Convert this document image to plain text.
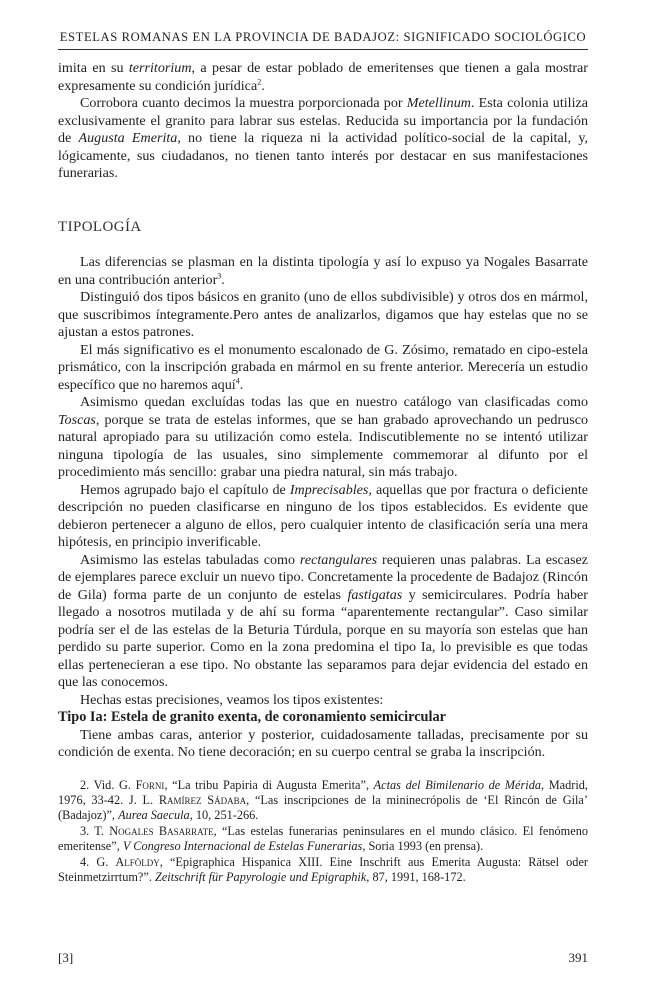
ESTELAS ROMANAS EN LA PROVINCIA DE BADAJOZ: SIGNIFICADO SOCIOLÓGICO

imita en su territorium, a pesar de estar poblado de emeritenses que tienen a gala mostrar expresamente su condición jurídica$^2$.

Corrobora cuanto decimos la muestra porporcionada por Metellinum. Esta colonia utiliza exclusivamente el granito para labrar sus estelas. Reducida su importancia por la fundación de Augusta Emerita, no tiene la riqueza ni la actividad político-social de la capital, y, lógicamente, sus ciudadanos, no tienen tanto interés por destacar en sus manifestaciones funerarias.

TIPOLOGÍA

Las diferencias se plasman en la distinta tipología y así lo expuso ya Nogales Basarrate en una contribución anterior$^3$.

Distinguió dos tipos básicos en granito (uno de ellos subdivisible) y otros dos en mármol, que suscribimos íntegramente.Pero antes de analizarlos, digamos que hay estelas que no se ajustan a estos patrones.

El más significativo es el monumento escalonado de G. Zósimo, rematado en cipo-estela prismático, con la inscripción grabada en mármol en su frente anterior. Merecería un estudio específico que no haremos aquí$^4$.

Asimismo quedan excluídas todas las que en nuestro catálogo van clasificadas como Toscas, porque se trata de estelas informes, que se han grabado aprovechando un pedrusco natural apropiado para su utilización como estela. Indiscutiblemente no se intentó utilizar ninguna tipología de las usuales, sino simplemente commemorar al difunto por el procedimiento más sencillo: grabar una piedra natural, sin más trabajo.

Hemos agrupado bajo el capítulo de Imprecisables, aquellas que por fractura o deficiente descripción no pueden clasificarse en ninguno de los tipos establecidos. Es evidente que debieron pertenecer a alguno de ellos, pero cualquier intento de clasificación sería una mera hipótesis, en principio inverificable.

Asimismo las estelas tabuladas como rectangulares requieren unas palabras. La escasez de ejemplares parece excluir un nuevo tipo. Concretamente la procedente de Badajoz (Rincón de Gila) forma parte de un conjunto de estelas fastigatas y semicirculares. Podría haber llegado a nosotros mutilada y de ahí su forma “aparentemente rectangular”. Caso similar podría ser el de las estelas de la Beturia Túrdula, porque en su mayoría son estelas que han perdido su parte superior. Como en la zona predomina el tipo Ia, lo previsible es que todas ellas pertenecieran a ese tipo. No obstante las separamos para dejar evidencia del estado en que las conocemos.

Hechas estas precisiones, veamos los tipos existentes:

Tipo Ia: Estela de granito exenta, de coronamiento semicircular

Tiene ambas caras, anterior y posterior, cuidadosamente talladas, precisamente por su condición de exenta. No tiene decoración; en su cuerpo central se graba la inscripción.

2. Vid. G. Forni, “La tribu Papiria di Augusta Emerita”, Actas del Bimilenario de Mérida, Madrid, 1976, 33-42. J. L. Ramírez Sádaba, “Las inscripciones de la mininecrópolis de ‘El Rincón de Gila’ (Badajoz)”, Aurea Saecula, 10, 251-266.

3. T. Nogales Basarrate, “Las estelas funerarias peninsulares en el mundo clásico. El fenómeno emeritense”, V Congreso Internacional de Estelas Funerarias, Soria 1993 (en prensa).

4. G. Alföldy, “Epigraphica Hispanica XIII. Eine Inschrift aus Emerita Augusta: Rätsel oder Steinmetzirrtum?”. Zeitschrift für Papyrologie und Epigraphik, 87, 1991, 168-172.

[3]	391
